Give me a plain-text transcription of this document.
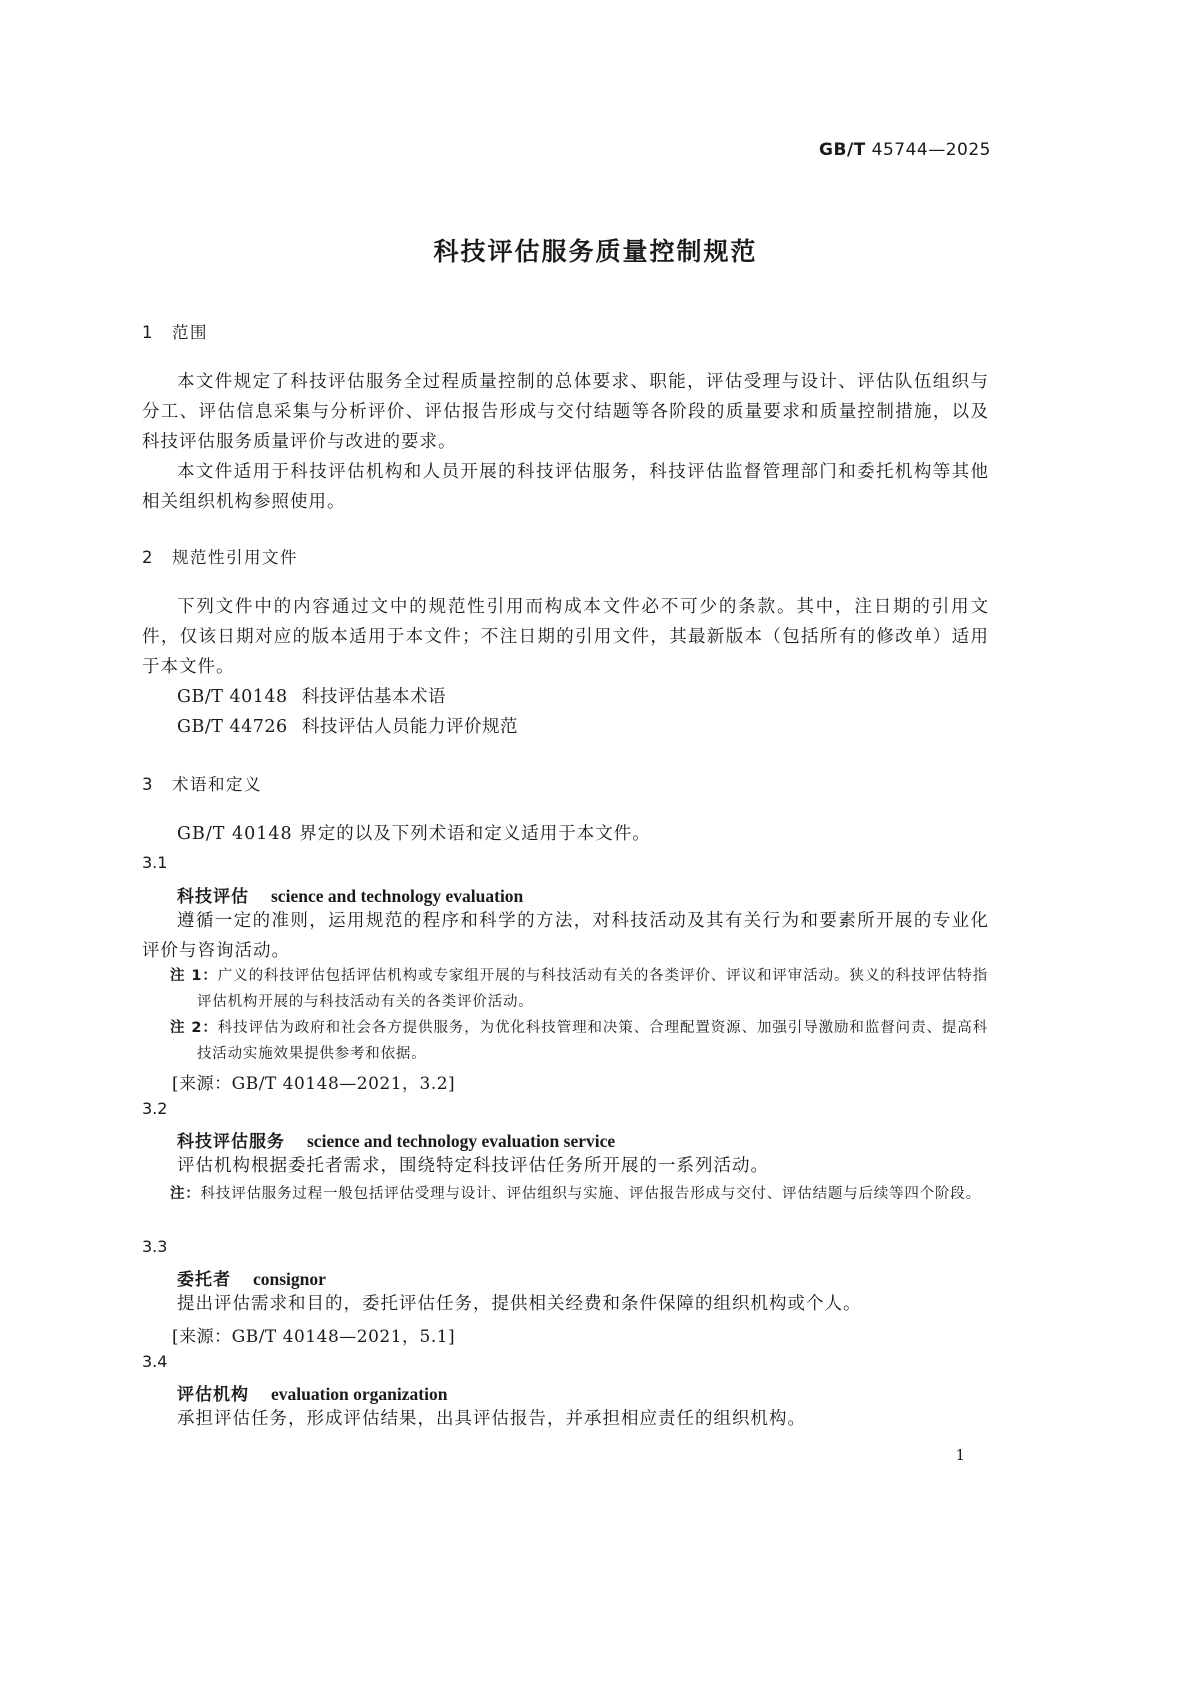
GB/T 45744—2025
科技评估服务质量控制规范
1 范围

本文件规定了科技评估服务全过程质量控制的总体要求、职能，评估受理与设计、评估队伍组织与分工、评估信息采集与分析评价、评估报告形成与交付结题等各阶段的质量要求和质量控制措施，以及科技评估服务质量评价与改进的要求。

本文件适用于科技评估机构和人员开展的科技评估服务，科技评估监督管理部门和委托机构等其他相关组织机构参照使用。

2 规范性引用文件

下列文件中的内容通过文中的规范性引用而构成本文件必不可少的条款。其中，注日期的引用文件，仅该日期对应的版本适用于本文件；不注日期的引用文件，其最新版本（包括所有的修改单）适用于本文件。

GB/T 40148 科技评估基本术语

GB/T 44726 科技评估人员能力评价规范

3 术语和定义

GB/T 40148 界定的以及下列术语和定义适用于本文件。

3.1
科技评估 science and technology evaluation

遵循一定的准则，运用规范的程序和科学的方法，对科技活动及其有关行为和要素所开展的专业化评价与咨询活动。

注 1：广义的科技评估包括评估机构或专家组开展的与科技活动有关的各类评价、评议和评审活动。狭义的科技评估特指评估机构开展的与科技活动有关的各类评价活动。
注 2：科技评估为政府和社会各方提供服务，为优化科技管理和决策、合理配置资源、加强引导激励和监督问责、提高科技活动实施效果提供参考和依据。
[来源：GB/T 40148—2021，3.2]
3.2
科技评估服务 science and technology evaluation service

评估机构根据委托者需求，围绕特定科技评估任务所开展的一系列活动。

注：科技评估服务过程一般包括评估受理与设计、评估组织与实施、评估报告形成与交付、评估结题与后续等四个阶段。
3.3
委托者 consignor

提出评估需求和目的，委托评估任务，提供相关经费和条件保障的组织机构或个人。

[来源：GB/T 40148—2021，5.1]
3.4
评估机构 evaluation organization

承担评估任务，形成评估结果，出具评估报告，并承担相应责任的组织机构。

1
